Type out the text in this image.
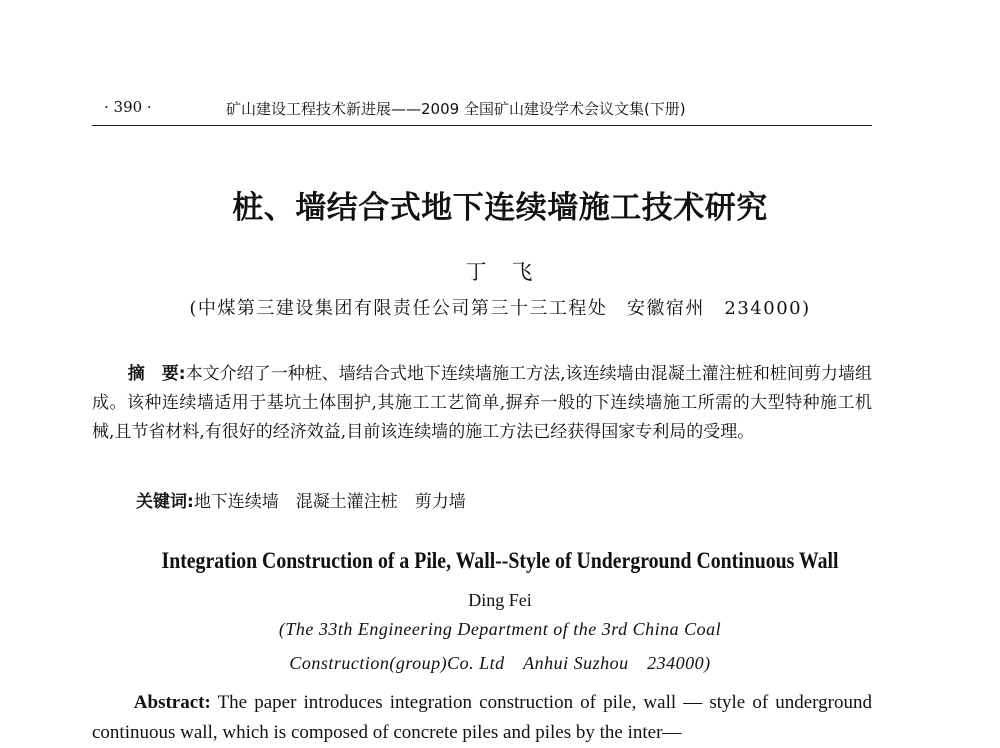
· 390 ·	矿山建设工程技术新进展——2009 全国矿山建设学术会议文集(下册)
桩、墙结合式地下连续墙施工技术研究
丁　飞
(中煤第三建设集团有限责任公司第三十三工程处　安徽宿州　234000)
摘　要:本文介绍了一种桩、墙结合式地下连续墙施工方法,该连续墙由混凝土灌注桩和桩间剪力墙组成。该种连续墙适用于基坑土体围护,其施工工艺简单,摒弃一般的下连续墙施工所需的大型特种施工机械,且节省材料,有很好的经济效益,目前该连续墙的施工方法已经获得国家专利局的受理。
关键词:地下连续墙　混凝土灌注桩　剪力墙
Integration Construction of a Pile, Wall--Style of Underground Continuous Wall
Ding Fei
(The 33th Engineering Department of the 3rd China Coal
Construction(group)Co. Ltd　Anhui Suzhou　234000)
Abstract: The paper introduces integration construction of pile, wall — style of underground continuous wall, which is composed of concrete piles and piles by the inter—
